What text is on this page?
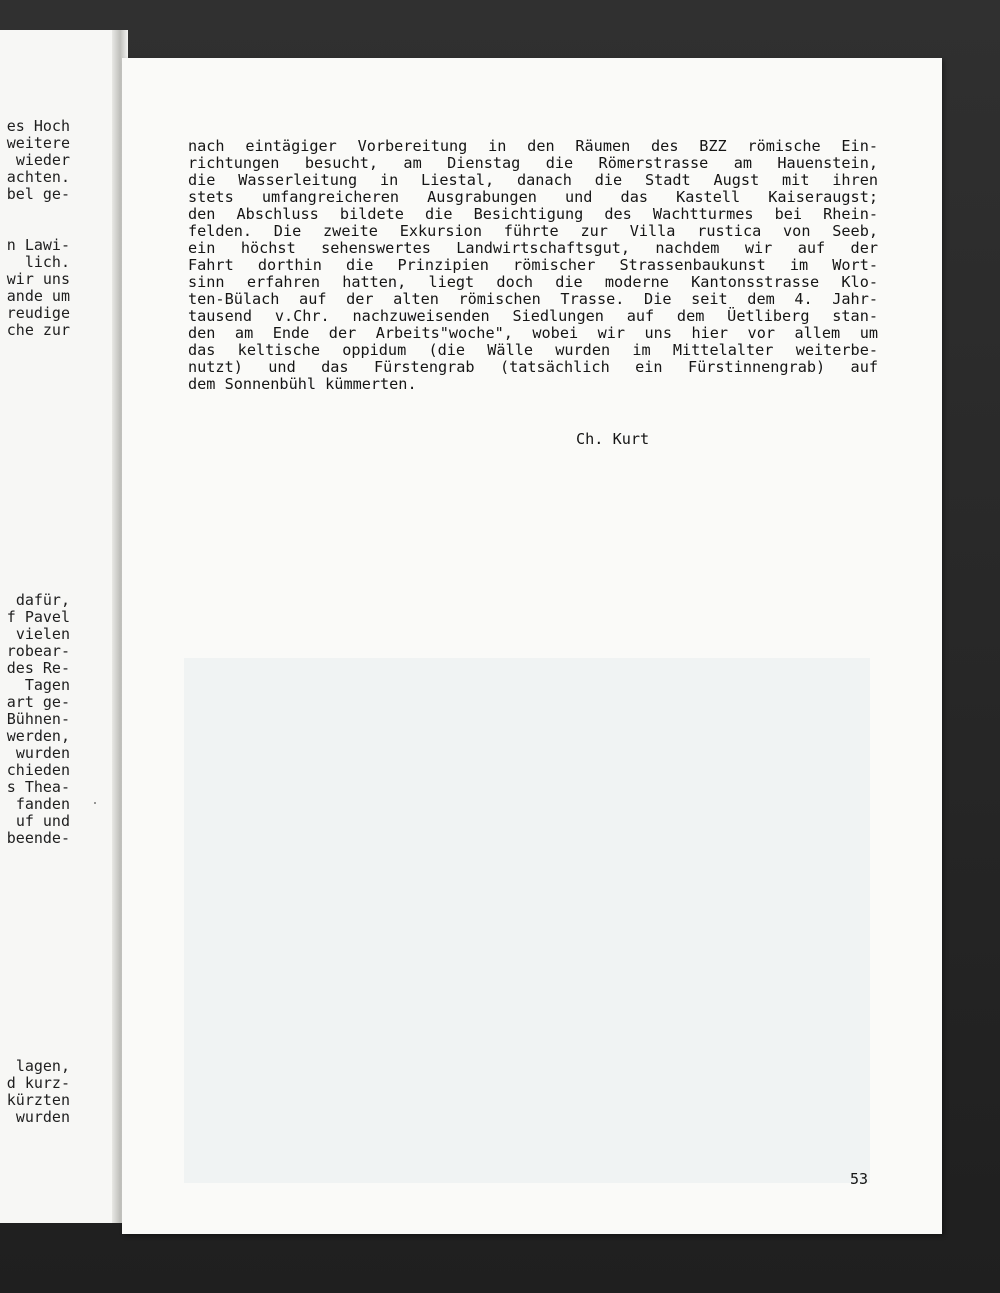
es Hoch
weitere
wieder
achten.
bel ge-
n Lawi-
lich.
wir uns
ande um
reudige
che zur
dafür,
f Pavel
vielen
robear-
des Re-
Tagen
art ge-
Bühnen-
werden,
wurden
chieden
s Thea-
fanden
uf und
beende-
lagen,
d kurz-
kürzten
wurden
nach eintägiger Vorbereitung in den Räumen des BZZ römische Ein-
richtungen besucht, am Dienstag die Römerstrasse am Hauenstein,
die Wasserleitung in Liestal, danach die Stadt Augst mit ihren
stets umfangreicheren Ausgrabungen und das Kastell Kaiseraugst;
den Abschluss bildete die Besichtigung des Wachtturmes bei Rhein-
felden. Die zweite Exkursion führte zur Villa rustica von Seeb,
ein höchst sehenswertes Landwirtschaftsgut, nachdem wir auf der
Fahrt dorthin die Prinzipien römischer Strassenbaukunst im Wort-
sinn erfahren hatten, liegt doch die moderne Kantonsstrasse Klo-
ten-Bülach auf der alten römischen Trasse. Die seit dem 4. Jahr-
tausend v.Chr. nachzuweisenden Siedlungen auf dem Üetliberg stan-
den am Ende der Arbeits"woche", wobei wir uns hier vor allem um
das keltische oppidum (die Wälle wurden im Mittelalter weiterbe-
nutzt) und das Fürstengrab (tatsächlich ein Fürstinnengrab) auf
dem Sonnenbühl kümmerten.
Ch. Kurt
53
